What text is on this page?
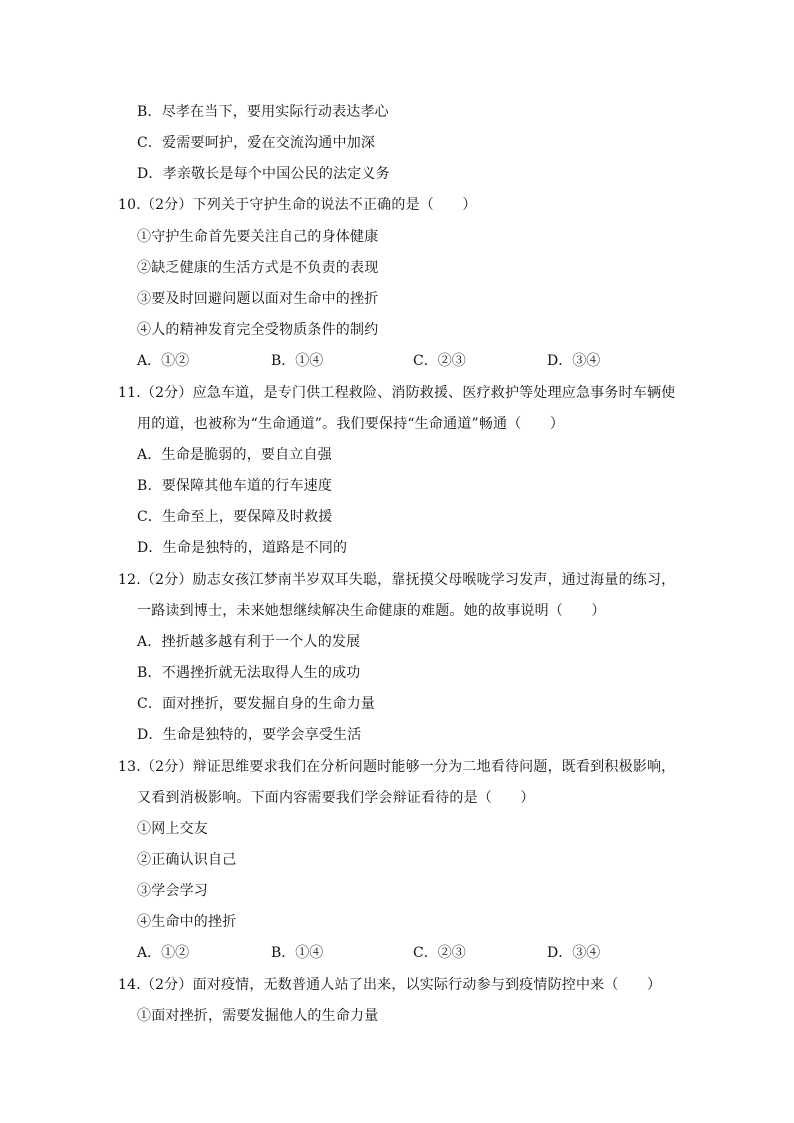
B．尽孝在当下，要用实际行动表达孝心
C．爱需要呵护，爱在交流沟通中加深
D．孝亲敬长是每个中国公民的法定义务
10.（2分）下列关于守护生命的说法不正确的是（　　）
①守护生命首先要关注自己的身体健康
②缺乏健康的生活方式是不负责的表现
③要及时回避问题以面对生命中的挫折
④人的精神发育完全受物质条件的制约
A．①②	B．①④	C．②③	D．③④
11.（2分）应急车道，是专门供工程救险、消防救援、医疗救护等处理应急事务时车辆使
用的道，也被称为“生命通道”。我们要保持“生命通道”畅通（　　）
A．生命是脆弱的，要自立自强
B．要保障其他车道的行车速度
C．生命至上，要保障及时救援
D．生命是独特的，道路是不同的
12.（2分）励志女孩江梦南半岁双耳失聪，靠抚摸父母喉咙学习发声，通过海量的练习，
一路读到博士，未来她想继续解决生命健康的难题。她的故事说明（　　）
A．挫折越多越有利于一个人的发展
B．不遇挫折就无法取得人生的成功
C．面对挫折，要发掘自身的生命力量
D．生命是独特的，要学会享受生活
13.（2分）辩证思维要求我们在分析问题时能够一分为二地看待问题，既看到积极影响，
又看到消极影响。下面内容需要我们学会辩证看待的是（　　）
①网上交友
②正确认识自己
③学会学习
④生命中的挫折
A．①②	B．①④	C．②③	D．③④
14.（2分）面对疫情，无数普通人站了出来，以实际行动参与到疫情防控中来（　　）
①面对挫折，需要发掘他人的生命力量
